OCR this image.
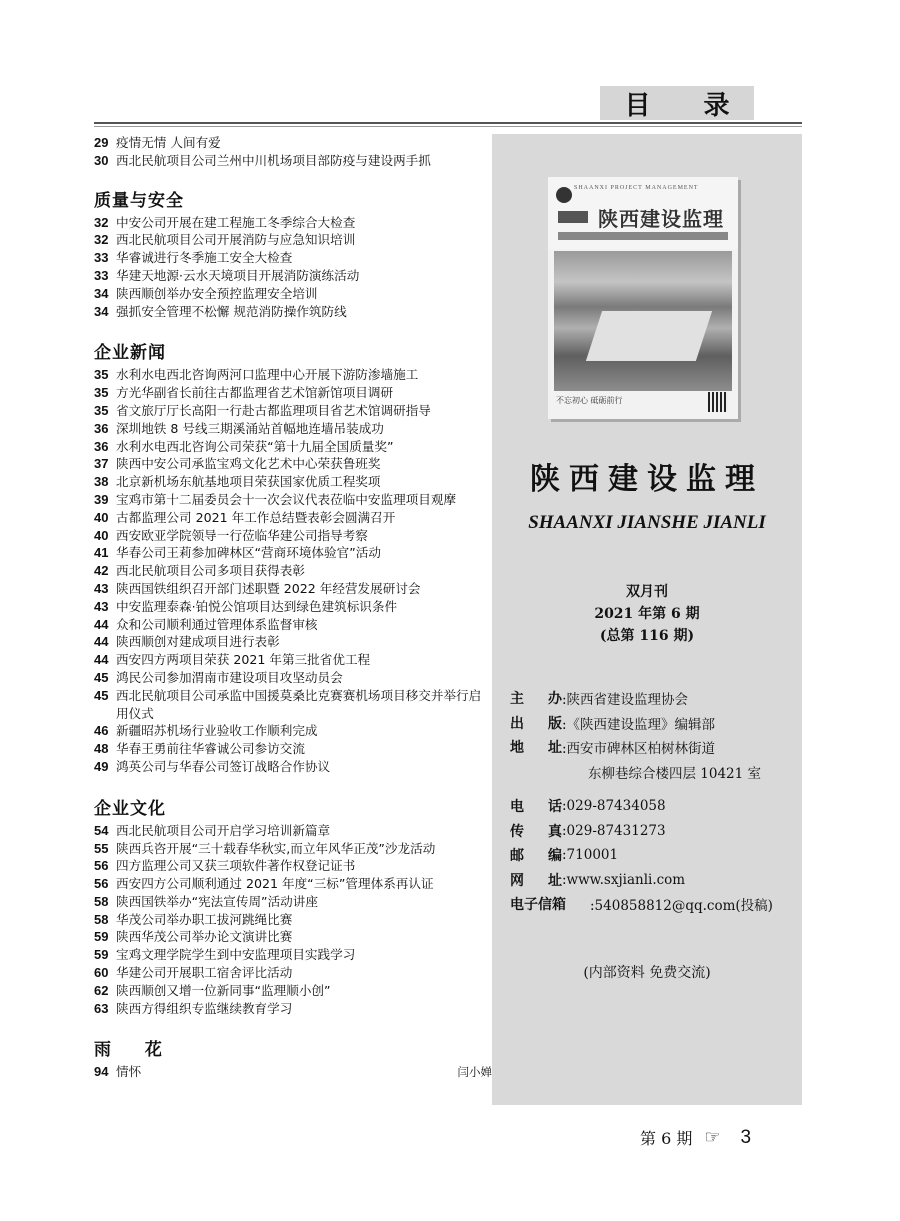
目 录
29 疫情无情 人间有爱
30 西北民航项目公司兰州中川机场项目部防疫与建设两手抓
质量与安全
32 中安公司开展在建工程施工冬季综合大检查
32 西北民航项目公司开展消防与应急知识培训
33 华睿诚进行冬季施工安全大检查
33 华建天地源·云水天境项目开展消防演练活动
34 陕西顺创举办安全预控监理安全培训
34 强抓安全管理不松懈 规范消防操作筑防线
企业新闻
35 水利水电西北咨询两河口监理中心开展下游防渗墙施工
35 方光华副省长前往古都监理省艺术馆新馆项目调研
35 省文旅厅厅长高阳一行赴古都监理项目省艺术馆调研指导
36 深圳地铁 8 号线三期溪涌站首幅地连墙吊装成功
36 水利水电西北咨询公司荣获“第十九届全国质量奖”
37 陕西中安公司承监宝鸡文化艺术中心荣获鲁班奖
38 北京新机场东航基地项目荣获国家优质工程奖项
39 宝鸡市第十二届委员会十一次会议代表莅临中安监理项目观摩
40 古都监理公司 2021 年工作总结暨表彰会圆满召开
40 西安欧亚学院领导一行莅临华建公司指导考察
41 华春公司王莉参加碑林区“营商环境体验官”活动
42 西北民航项目公司多项目获得表彰
43 陕西国铁组织召开部门述职暨 2022 年经营发展研讨会
43 中安监理泰森·铂悦公馆项目达到绿色建筑标识条件
44 众和公司顺利通过管理体系监督审核
44 陕西顺创对建成项目进行表彰
44 西安四方两项目荣获 2021 年第三批省优工程
45 鸿民公司参加渭南市建设项目攻坚动员会
45 西北民航项目公司承监中国援莫桑比克赛赛机场项目移交并举行启用仪式
46 新疆昭苏机场行业验收工作顺利完成
48 华春王勇前往华睿诚公司参访交流
49 鸿英公司与华春公司签订战略合作协议
企业文化
54 西北民航项目公司开启学习培训新篇章
55 陕西兵咨开展“三十载春华秋实,而立年风华正茂”沙龙活动
56 四方监理公司又获三项软件著作权登记证书
56 西安四方公司顺利通过 2021 年度“三标”管理体系再认证
58 陕西国铁举办“宪法宣传周”活动讲座
58 华茂公司举办职工拔河跳绳比赛
59 陕西华茂公司举办论文演讲比赛
59 宝鸡文理学院学生到中安监理项目实践学习
60 华建公司开展职工宿舍评比活动
62 陕西顺创又增一位新同事“监理顺小创”
63 陕西方得组织专监继续教育学习
雨 花
94 情怀	闫小婵
SHAANXI PROJECT MANAGEMENT
陕西建设监理
不忘初心 砥砺前行
陕西建设监理
SHAANXI JIANSHE JIANLI
双月刊
2021 年第 6 期
(总第 116 期)
主 办 :陕西省建设监理协会
出 版 :《陕西建设监理》编辑部
地 址 :西安市碑林区柏树林街道
东柳巷综合楼四层 10421 室
电 话 :029-87434058
传 真 :029-87431273
邮 编 :710001
网 址 :www.sxjianli.com
电子信箱	:540858812@qq.com(投稿)
(内部资料 免费交流)
第 6 期 ☞ 3
